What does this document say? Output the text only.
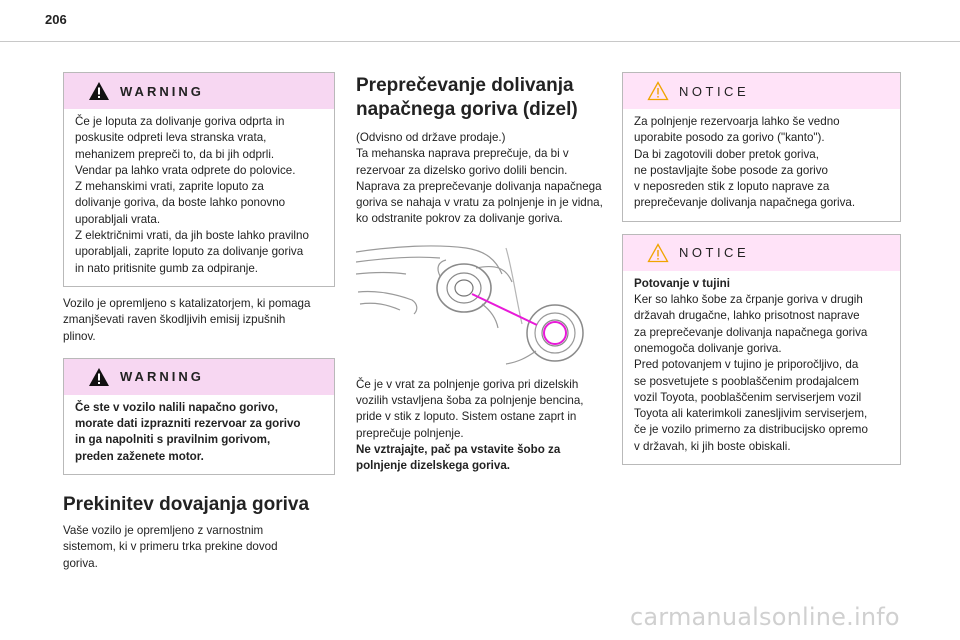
206
WARNING

Če je loputa za dolivanje goriva odprta in

poskusite odpreti leva stranska vrata,

mehanizem prepreči to, da bi jih odprli.

Vendar pa lahko vrata odprete do polovice.

Z mehanskimi vrati, zaprite loputo za

dolivanje goriva, da boste lahko ponovno

uporabljali vrata.

Z električnimi vrati, da jih boste lahko pravilno

uporabljali, zaprite loputo za dolivanje goriva

in nato pritisnite gumb za odpiranje.

Vozilo je opremljeno s katalizatorjem, ki pomaga

zmanjševati raven škodljivih emisij izpušnih

plinov.

WARNING

Če ste v vozilo nalili napačno gorivo,

morate dati izprazniti rezervoar za gorivo

in ga napolniti s pravilnim gorivom,

preden zaženete motor.

Prekinitev dovajanja goriva

Vaše vozilo je opremljeno z varnostnim

sistemom, ki v primeru trka prekine dovod

goriva.

Preprečevanje dolivanja
napačnega goriva (dizel)

(Odvisno od države prodaje.)

Ta mehanska naprava preprečuje, da bi v

rezervoar za dizelsko gorivo dolili bencin.

Naprava za preprečevanje dolivanja napačnega

goriva se nahaja v vratu za polnjenje in je vidna,

ko odstranite pokrov za dolivanje goriva.

Če je v vrat za polnjenje goriva pri dizelskih

vozilih vstavljena šoba za polnjenje bencina,

pride v stik z loputo. Sistem ostane zaprt in

preprečuje polnjenje.

Ne vztrajajte, pač pa vstavite šobo za

polnjenje dizelskega goriva.

NOTICE

Za polnjenje rezervoarja lahko še vedno

uporabite posodo za gorivo ("kanto").

Da bi zagotovili dober pretok goriva,

ne postavljajte šobe posode za gorivo

v neposreden stik z loputo naprave za

preprečevanje dolivanja napačnega goriva.

NOTICE

Potovanje v tujini

Ker so lahko šobe za črpanje goriva v drugih

državah drugačne, lahko prisotnost naprave

za preprečevanje dolivanja napačnega goriva

onemogoča dolivanje goriva.

Pred potovanjem v tujino je priporočljivo, da

se posvetujete s pooblaščenim prodajalcem

vozil Toyota, pooblaščenim serviserjem vozil

Toyota ali katerimkoli zanesljivim serviserjem,

če je vozilo primerno za distribucijsko opremo

v državah, ki jih boste obiskali.

carmanualsonline.info
